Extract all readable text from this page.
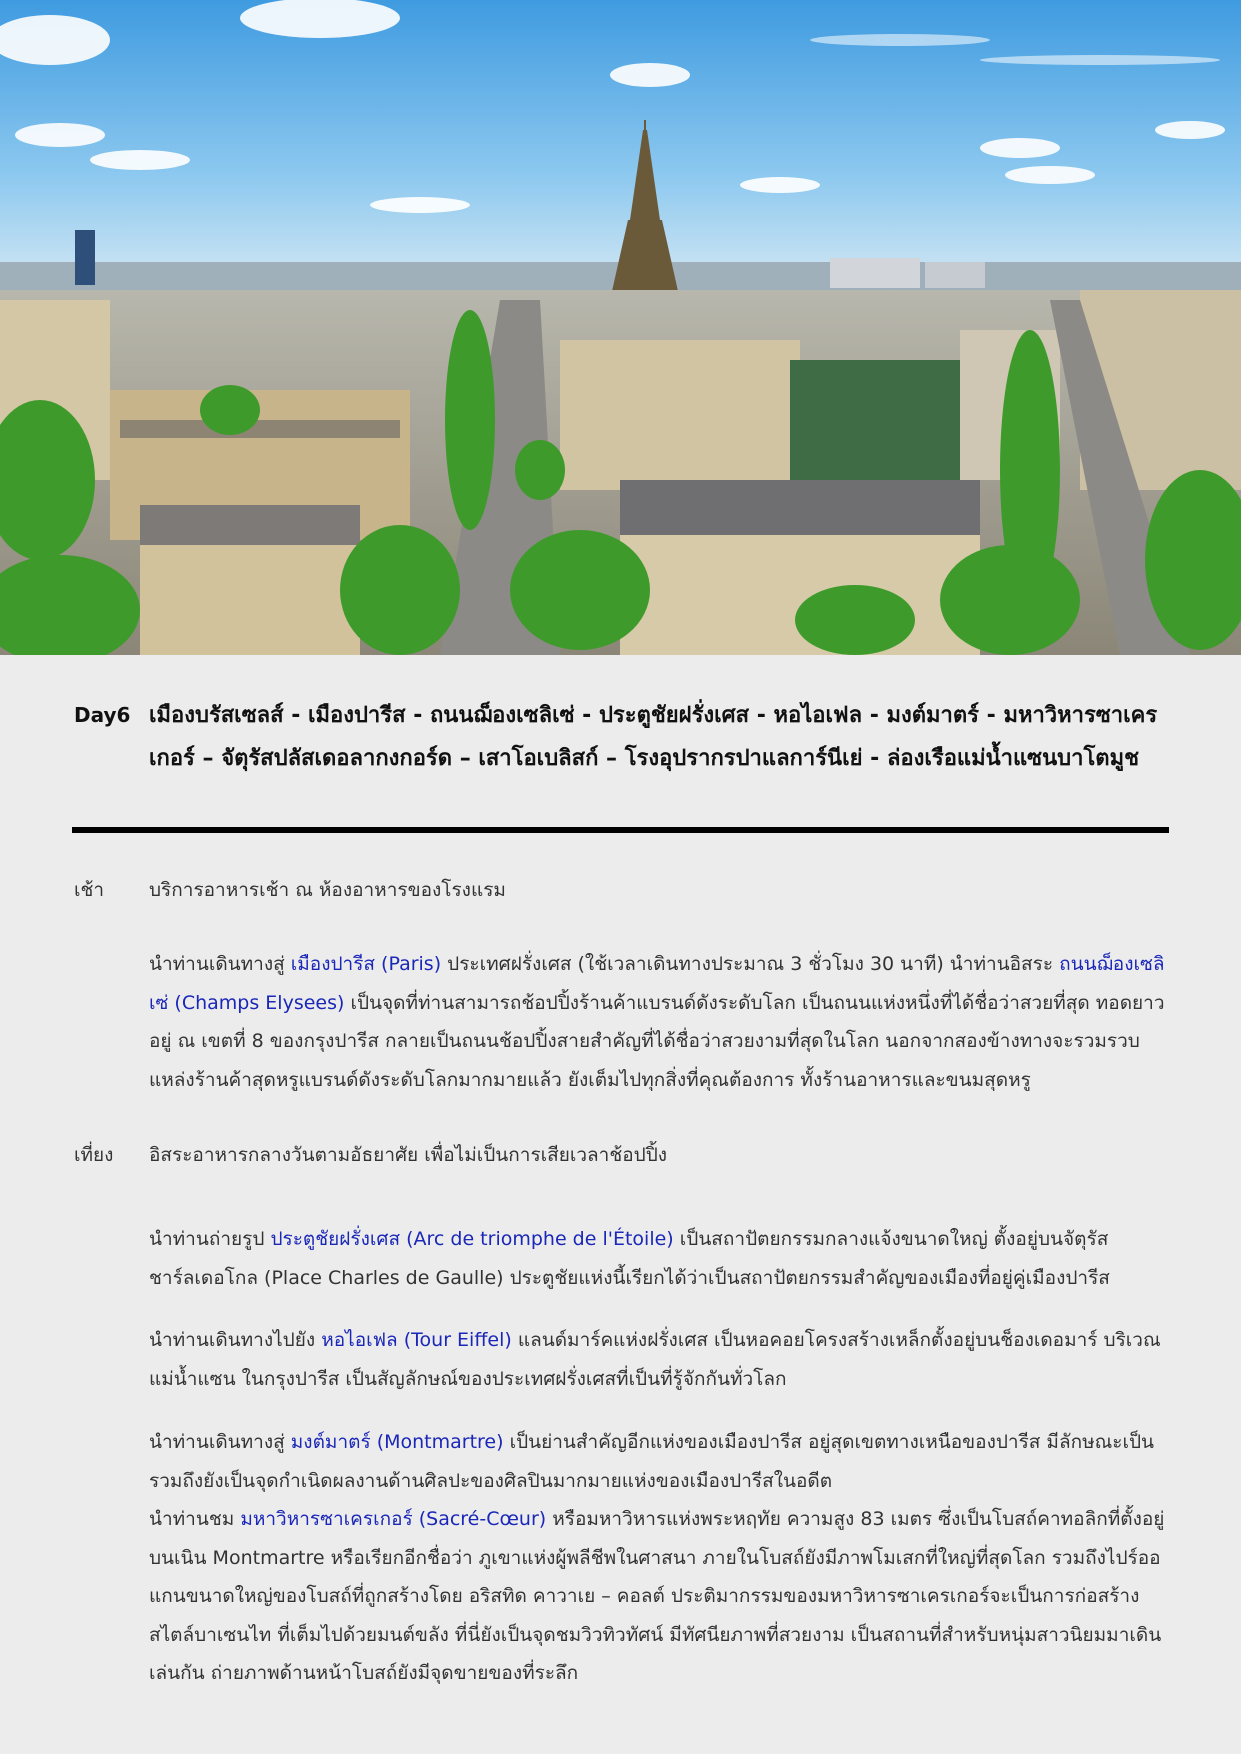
Day6 เมืองบรัสเซลส์ - เมืองปารีส - ถนนฌ็องเซลิเซ่ - ประตูชัยฝรั่งเศส - หอไอเฟล - มงต์มาตร์ - มหาวิหารซาเครเกอร์ – จัตุรัสปลัสเดอลากงกอร์ด – เสาโอเบลิสก์ – โรงอุปรากรปาแลการ์นีเย่ - ล่องเรือแม่น้ำแซนบาโตมูช
เช้า บริการอาหารเช้า ณ ห้องอาหารของโรงแรม
นำท่านเดินทางสู่ เมืองปารีส (Paris) ประเทศฝรั่งเศส (ใช้เวลาเดินทางประมาณ 3 ชั่วโมง 30 นาที) นำท่านอิสระ ถนนฌ็องเซลิเซ่ (Champs Elysees) เป็นจุดที่ท่านสามารถช้อปปิ้งร้านค้าแบรนด์ดังระดับโลก เป็นถนนแห่งหนึ่งที่ได้ชื่อว่าสวยที่สุด ทอดยาวอยู่ ณ เขตที่ 8 ของกรุงปารีส กลายเป็นถนนช้อปปิ้งสายสำคัญที่ได้ชื่อว่าสวยงามที่สุดในโลก นอกจากสองข้างทางจะรวมรวบแหล่งร้านค้าสุดหรูแบรนด์ดังระดับโลกมากมายแล้ว ยังเต็มไปทุกสิ่งที่คุณต้องการ ทั้งร้านอาหารและขนมสุดหรู
เที่ยง อิสระอาหารกลางวันตามอัธยาศัย เพื่อไม่เป็นการเสียเวลาช้อปปิ้ง
นำท่านถ่ายรูป ประตูชัยฝรั่งเศส (Arc de triomphe de l'Étoile) เป็นสถาปัตยกรรมกลางแจ้งขนาดใหญ่ ตั้งอยู่บนจัตุรัสชาร์ลเดอโกล (Place Charles de Gaulle) ประตูชัยแห่งนี้เรียกได้ว่าเป็นสถาปัตยกรรมสำคัญของเมืองที่อยู่คู่เมืองปารีส
นำท่านเดินทางไปยัง หอไอเฟล (Tour Eiffel) แลนด์มาร์คแห่งฝรั่งเศส เป็นหอคอยโครงสร้างเหล็กตั้งอยู่บนช็องเดอมาร์ บริเวณแม่น้ำแซน ในกรุงปารีส เป็นสัญลักษณ์ของประเทศฝรั่งเศสที่เป็นที่รู้จักกันทั่วโลก
นำท่านเดินทางสู่ มงต์มาตร์ (Montmartre) เป็นย่านสำคัญอีกแห่งของเมืองปารีส อยู่สุดเขตทางเหนือของปารีส มีลักษณะเป็นรวมถึงยังเป็นจุดกำเนิดผลงานด้านศิลปะของศิลปินมากมายแห่งของเมืองปารีสในอดีต
นำท่านชม มหาวิหารซาเครเกอร์ (Sacré-Cœur) หรือมหาวิหารแห่งพระหฤทัย ความสูง 83 เมตร ซึ่งเป็นโบสถ์คาทอลิกที่ตั้งอยู่บนเนิน Montmartre หรือเรียกอีกชื่อว่า ภูเขาแห่งผู้พลีชีพในศาสนา ภายในโบสถ์ยังมีภาพโมเสกที่ใหญ่ที่สุดโลก รวมถึงไปร์ออแกนขนาดใหญ่ของโบสถ์ที่ถูกสร้างโดย อริสทิด คาวาเย – คอลต์ ประติมากรรมของมหาวิหารซาเครเกอร์จะเป็นการก่อสร้างสไตล์บาเซนไท ที่เต็มไปด้วยมนต์ขลัง ที่นี่ยังเป็นจุดชมวิวทิวทัศน์ มีทัศนียภาพที่สวยงาม เป็นสถานที่สำหรับหนุ่มสาวนิยมมาเดินเล่นกัน ถ่ายภาพด้านหน้าโบสถ์ยังมีจุดขายของที่ระลึก
